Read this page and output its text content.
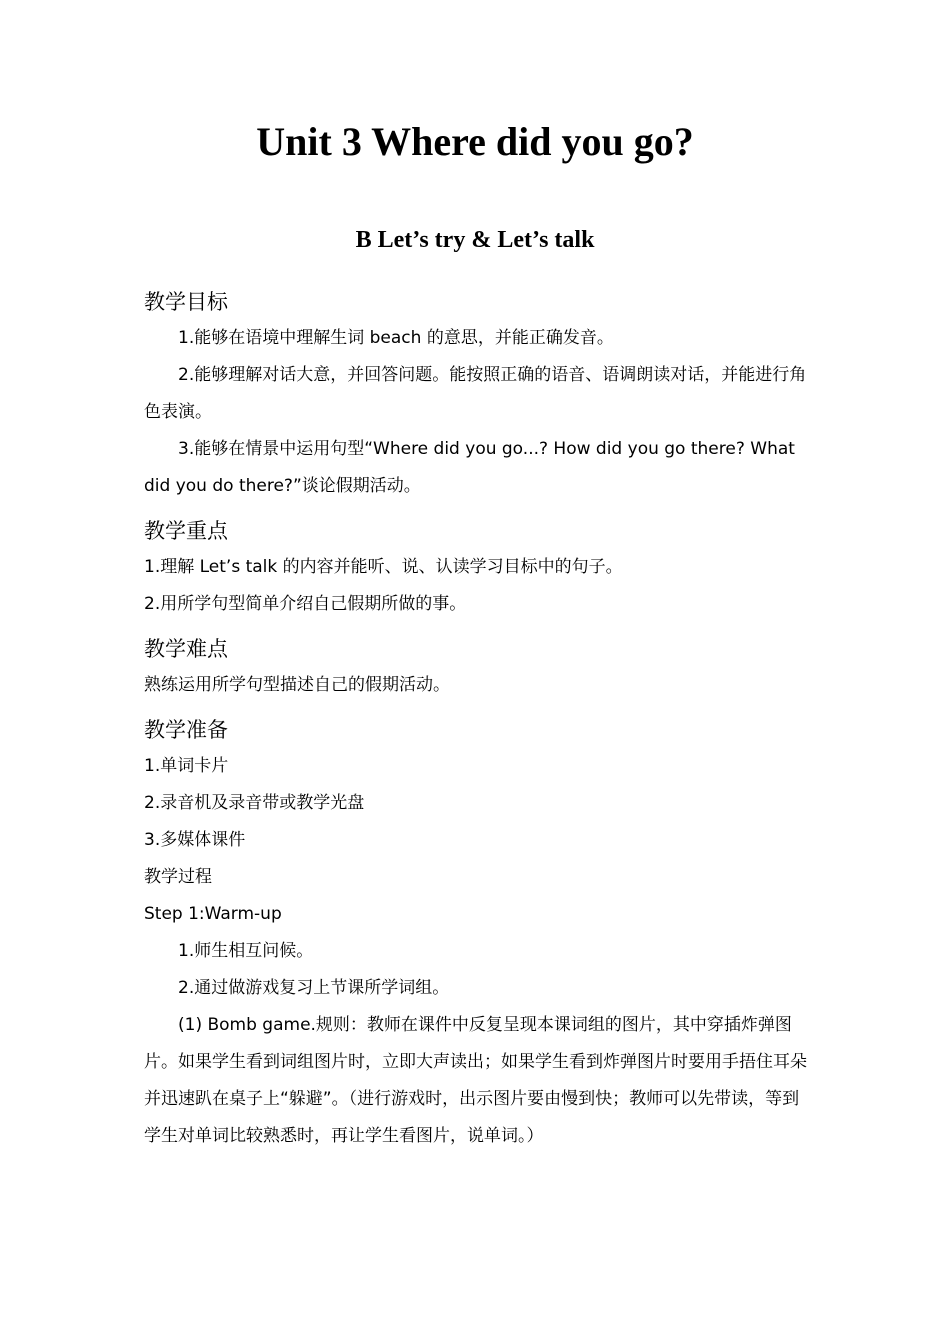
Unit 3 Where did you go?
B Let’s try & Let’s talk
教学目标

1.能够在语境中理解生词 beach 的意思，并能正确发音。

2.能够理解对话大意，并回答问题。能按照正确的语音、语调朗读对话，并能进行角色表演。

3.能够在情景中运用句型“Where did you go...? How did you go there? What did you do there?”谈论假期活动。

教学重点

1.理解 Let’s talk 的内容并能听、说、认读学习目标中的句子。

2.用所学句型简单介绍自己假期所做的事。

教学难点

熟练运用所学句型描述自己的假期活动。

教学准备

1.单词卡片

2.录音机及录音带或教学光盘

3.多媒体课件

教学过程

Step 1:Warm-up

1.师生相互问候。

2.通过做游戏复习上节课所学词组。

(1) Bomb game.规则：教师在课件中反复呈现本课词组的图片，其中穿插炸弹图片。如果学生看到词组图片时，立即大声读出；如果学生看到炸弹图片时要用手捂住耳朵并迅速趴在桌子上“躲避”。（进行游戏时，出示图片要由慢到快；教师可以先带读，等到学生对单词比较熟悉时，再让学生看图片，说单词。）
